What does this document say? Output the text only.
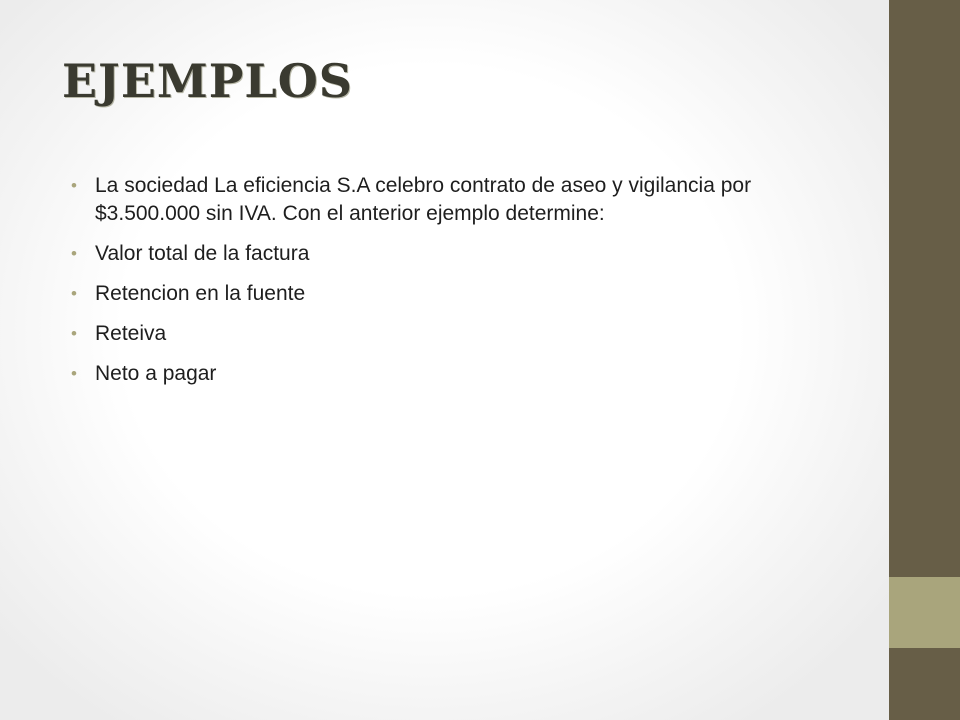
EJEMPLOS
• La sociedad La eficiencia S.A celebro contrato de aseo y vigilancia por $3.500.000 sin IVA. Con el anterior ejemplo determine:
• Valor total de la factura
• Retencion en la fuente
• Reteiva
• Neto a pagar
